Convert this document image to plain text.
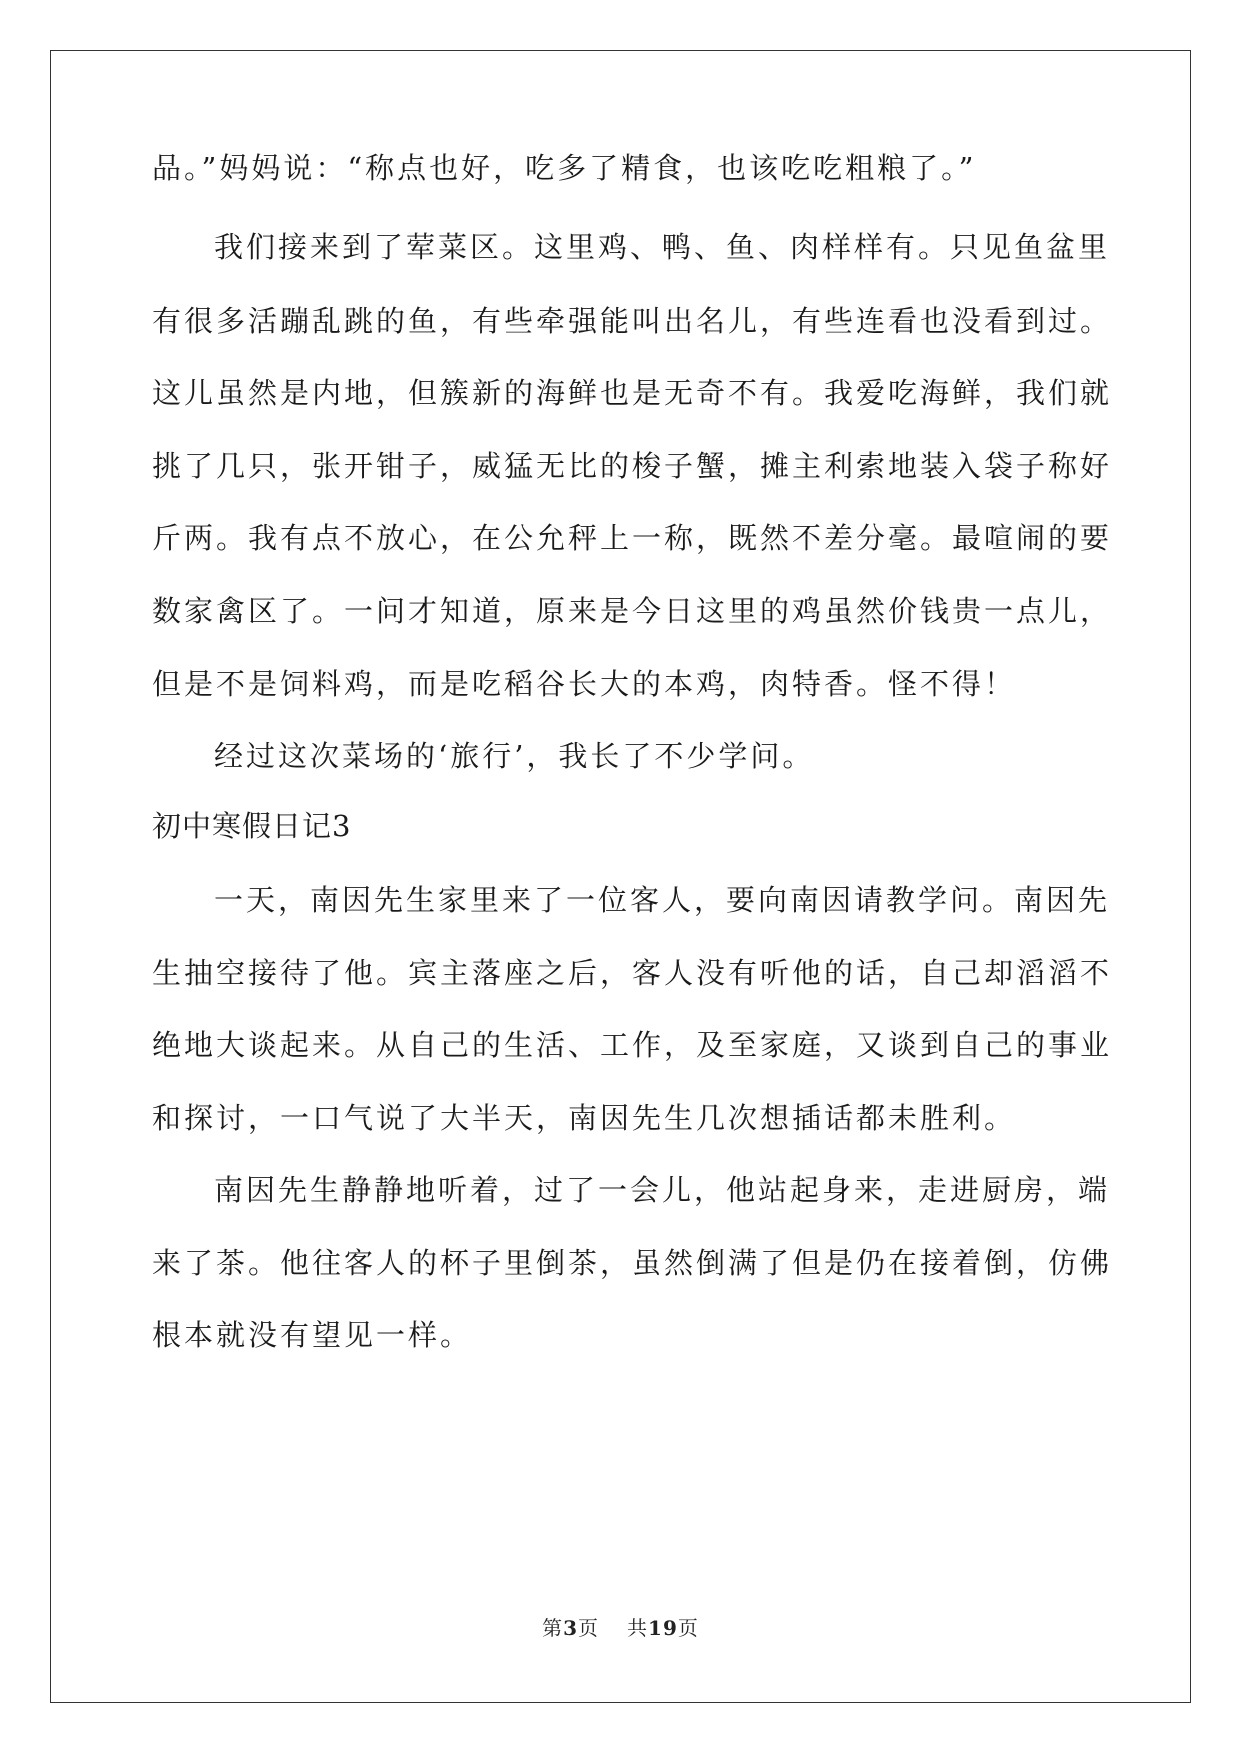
品。”妈妈说：“称点也好，吃多了精食，也该吃吃粗粮了。”
我们接来到了荤菜区。这里鸡、鸭、鱼、肉样样有。只见鱼盆里
有很多活蹦乱跳的鱼，有些牵强能叫出名儿，有些连看也没看到过。
这儿虽然是内地，但簇新的海鲜也是无奇不有。我爱吃海鲜，我们就
挑了几只，张开钳子，威猛无比的梭子蟹，摊主利索地装入袋子称好
斤两。我有点不放心，在公允秤上一称，既然不差分毫。最喧闹的要
数家禽区了。一问才知道，原来是今日这里的鸡虽然价钱贵一点儿，
但是不是饲料鸡，而是吃稻谷长大的本鸡，肉特香。怪不得！
经过这次菜场的‘旅行’，我长了不少学问。
初中寒假日记3
一天，南因先生家里来了一位客人，要向南因请教学问。南因先
生抽空接待了他。宾主落座之后，客人没有听他的话，自己却滔滔不
绝地大谈起来。从自己的生活、工作，及至家庭，又谈到自己的事业
和探讨，一口气说了大半天，南因先生几次想插话都未胜利。
南因先生静静地听着，过了一会儿，他站起身来，走进厨房，端
来了茶。他往客人的杯子里倒茶，虽然倒满了但是仍在接着倒，仿佛
根本就没有望见一样。
第3页 共19页
